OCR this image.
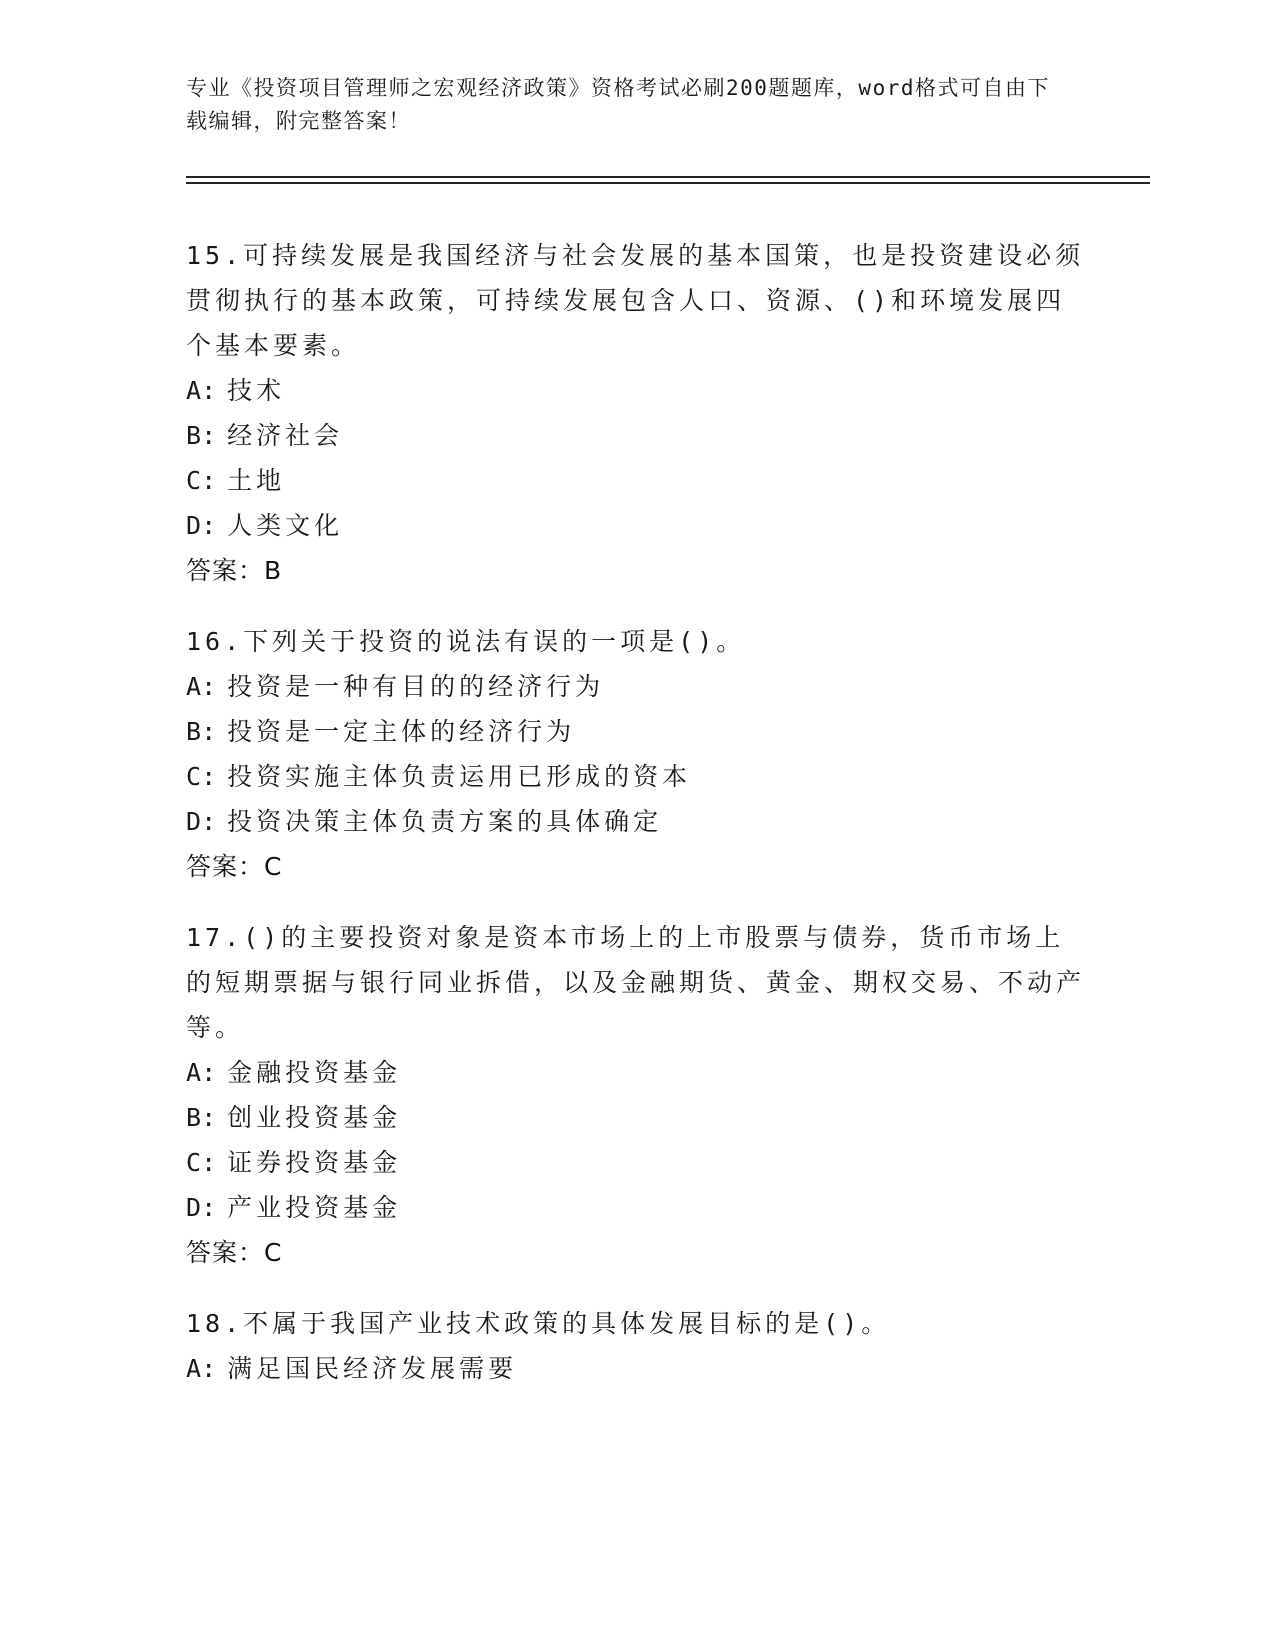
专业《投资项目管理师之宏观经济政策》资格考试必刷200题题库，word格式可自由下载编辑，附完整答案！
15.可持续发展是我国经济与社会发展的基本国策，也是投资建设必须贯彻执行的基本政策，可持续发展包含人口、资源、()和环境发展四个基本要素。
A: 技术
B: 经济社会
C: 土地
D: 人类文化
答案：B
16.下列关于投资的说法有误的一项是()。
A: 投资是一种有目的的经济行为
B: 投资是一定主体的经济行为
C: 投资实施主体负责运用已形成的资本
D: 投资决策主体负责方案的具体确定
答案：C
17.()的主要投资对象是资本市场上的上市股票与债券，货币市场上的短期票据与银行同业拆借，以及金融期货、黄金、期权交易、不动产等。
A: 金融投资基金
B: 创业投资基金
C: 证券投资基金
D: 产业投资基金
答案：C
18.不属于我国产业技术政策的具体发展目标的是()。
A: 满足国民经济发展需要
